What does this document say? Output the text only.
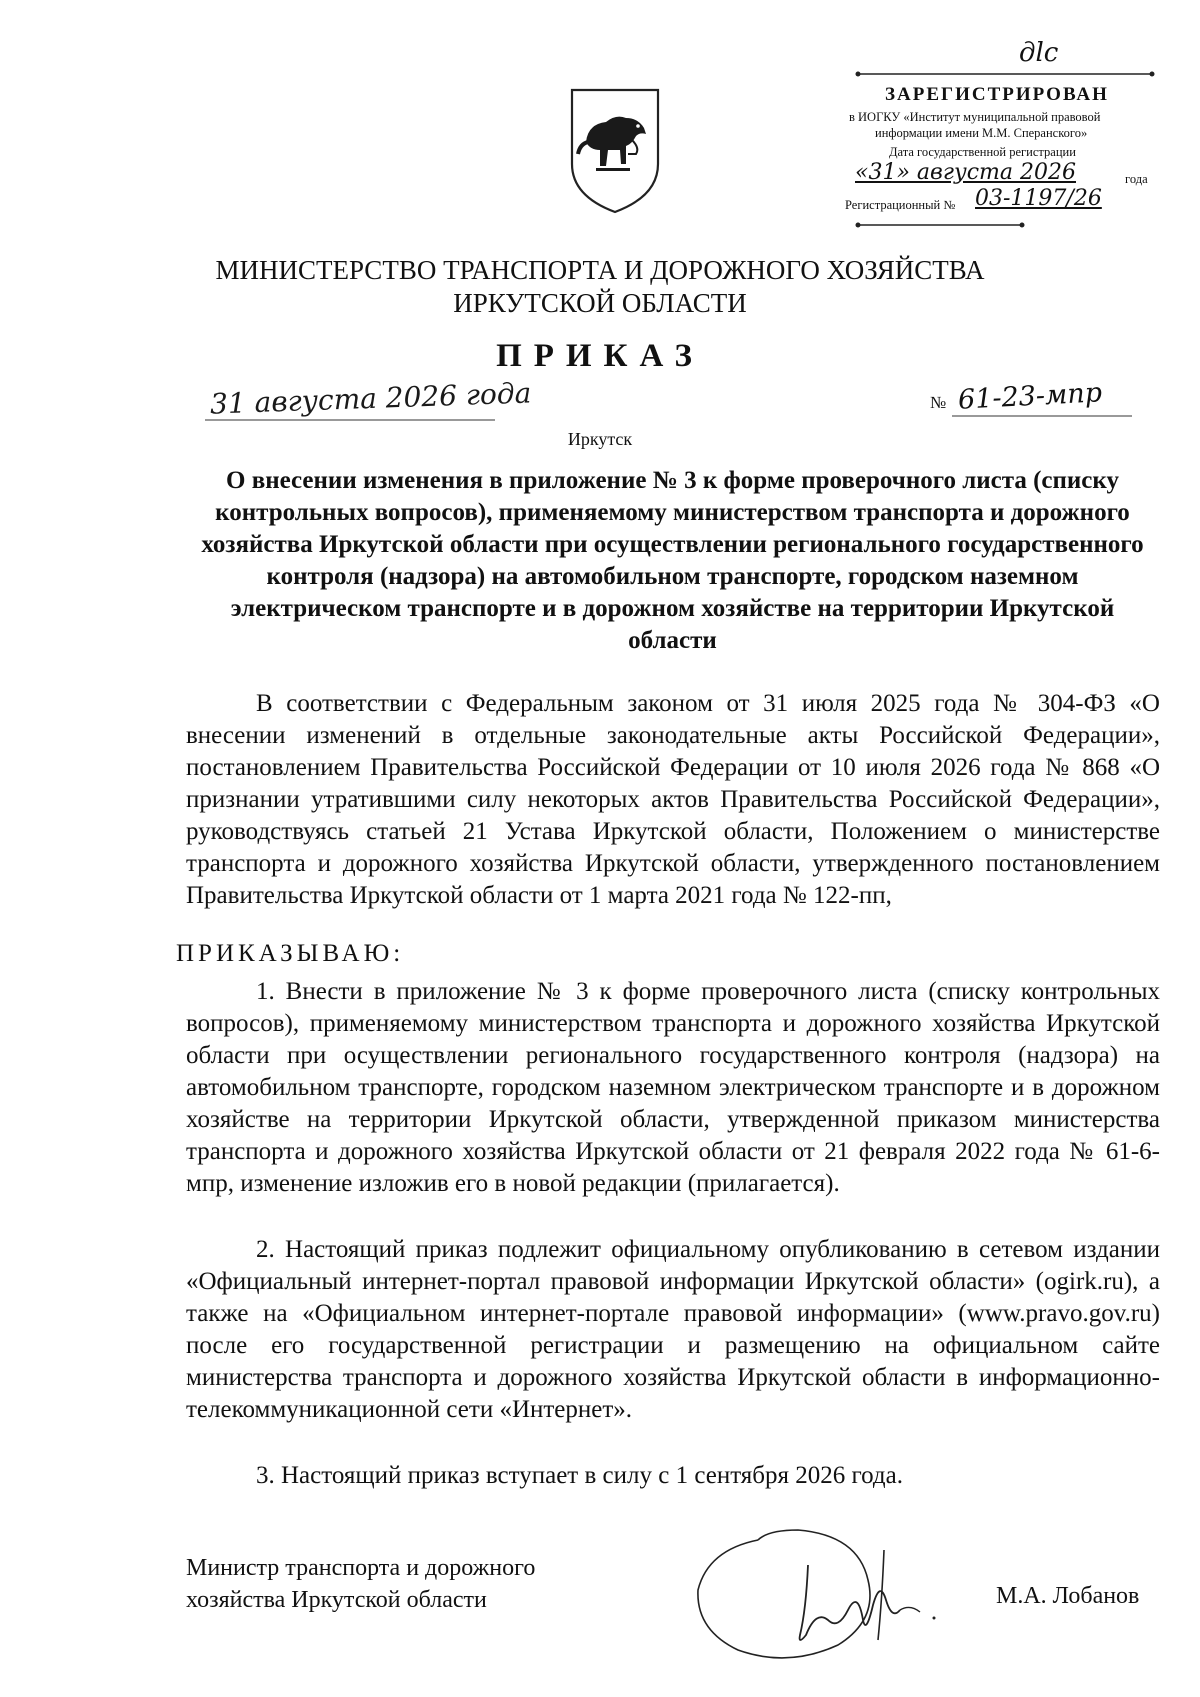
дlс
ЗАРЕГИСТРИРОВАН
в ИОГКУ «Институт муниципальной правовой
информации имени М.М. Сперанского»
Дата государственной регистрации
«31» августа 2026	года
Регистрационный № 03-1197/26
МИНИСТЕРСТВО ТРАНСПОРТА И ДОРОЖНОГО ХОЗЯЙСТВА
ИРКУТСКОЙ ОБЛАСТИ
ПРИКАЗ
31 августа 2026 года	№ 61-23-мпр
Иркутск
О внесении изменения в приложение № 3 к форме проверочного листа (списку контрольных вопросов), применяемому министерством транспорта и дорожного хозяйства Иркутской области при осуществлении регионального государственного контроля (надзора) на автомобильном транспорте, городском наземном электрическом транспорте и в дорожном хозяйстве на территории Иркутской области
В соответствии с Федеральным законом от 31 июля 2025 года № 304-ФЗ «О внесении изменений в отдельные законодательные акты Российской Федерации», постановлением Правительства Российской Федерации от 10 июля 2026 года № 868 «О признании утратившими силу некоторых актов Правительства Российской Федерации», руководствуясь статьей 21 Устава Иркутской области, Положением о министерстве транспорта и дорожного хозяйства Иркутской области, утвержденного постановлением Правительства Иркутской области от 1 марта 2021 года № 122-пп,
ПРИКАЗЫВАЮ:
1. Внести в приложение № 3 к форме проверочного листа (списку контрольных вопросов), применяемому министерством транспорта и дорожного хозяйства Иркутской области при осуществлении регионального государственного контроля (надзора) на автомобильном транспорте, городском наземном электрическом транспорте и в дорожном хозяйстве на территории Иркутской области, утвержденной приказом министерства транспорта и дорожного хозяйства Иркутской области от 21 февраля 2022 года № 61-6-мпр, изменение изложив его в новой редакции (прилагается).
2. Настоящий приказ подлежит официальному опубликованию в сетевом издании «Официальный интернет-портал правовой информации Иркутской области» (ogirk.ru), а также на «Официальном интернет-портале правовой информации» (www.pravo.gov.ru) после его государственной регистрации и размещению на официальном сайте министерства транспорта и дорожного хозяйства Иркутской области в информационно-телекоммуникационной сети «Интернет».
3. Настоящий приказ вступает в силу с 1 сентября 2026 года.
Министр транспорта и дорожного
хозяйства Иркутской области	М.А. Лобанов
